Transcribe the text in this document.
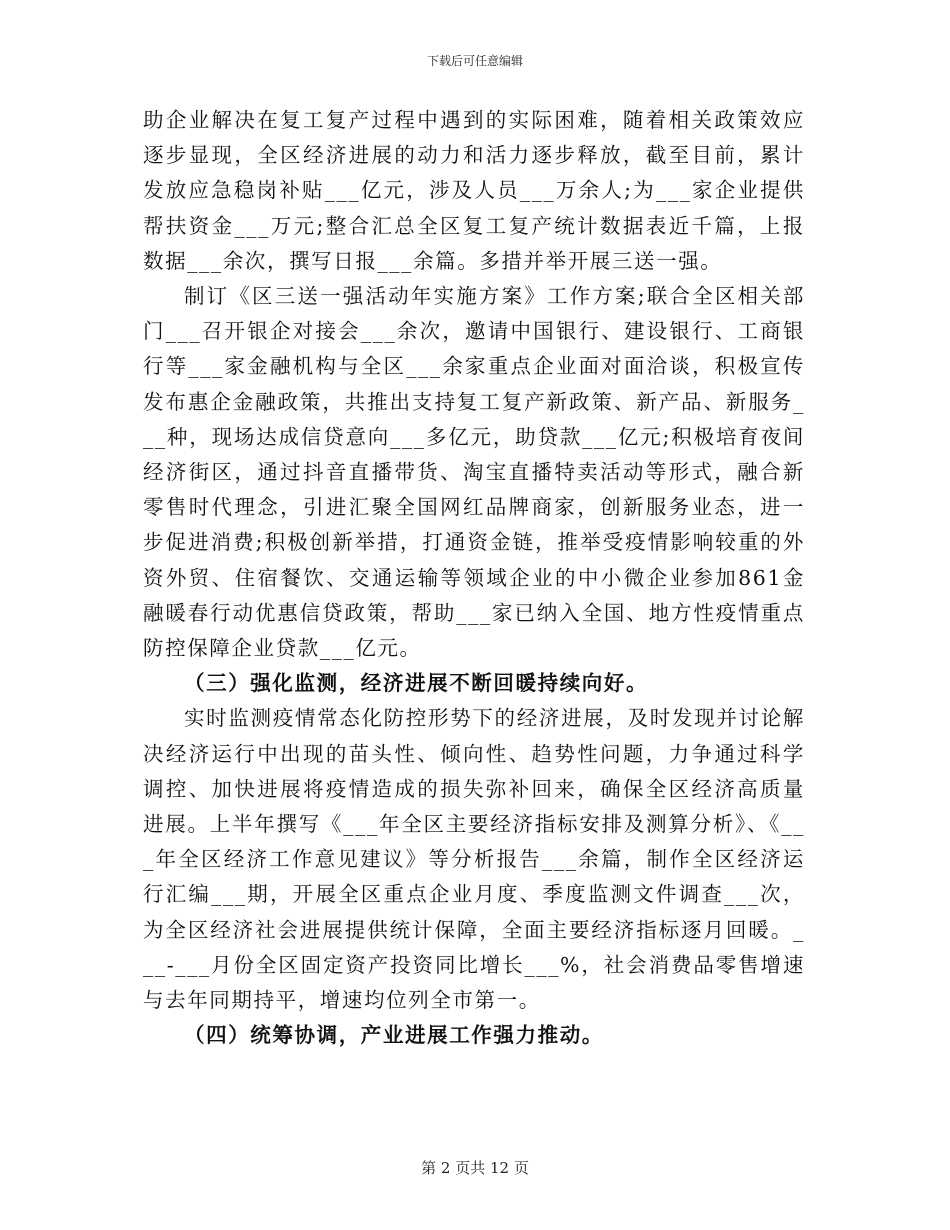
下载后可任意编辑

助企业解决在复工复产过程中遇到的实际困难，随着相关政策效应逐步显现，全区经济进展的动力和活力逐步释放，截至目前，累计发放应急稳岗补贴___亿元，涉及人员___万余人;为___家企业提供帮扶资金___万元;整合汇总全区复工复产统计数据表近千篇，上报数据___余次，撰写日报___余篇。多措并举开展三送一强。

制订《区三送一强活动年实施方案》工作方案;联合全区相关部门___召开银企对接会___余次，邀请中国银行、建设银行、工商银行等___家金融机构与全区___余家重点企业面对面洽谈，积极宣传发布惠企金融政策，共推出支持复工复产新政策、新产品、新服务___种，现场达成信贷意向___多亿元，助贷款___亿元;积极培育夜间经济街区，通过抖音直播带货、淘宝直播特卖活动等形式，融合新零售时代理念，引进汇聚全国网红品牌商家，创新服务业态，进一步促进消费;积极创新举措，打通资金链，推举受疫情影响较重的外资外贸、住宿餐饮、交通运输等领域企业的中小微企业参加861金融暖春行动优惠信贷政策，帮助___家已纳入全国、地方性疫情重点防控保障企业贷款___亿元。

（三）强化监测，经济进展不断回暖持续向好。

实时监测疫情常态化防控形势下的经济进展，及时发现并讨论解决经济运行中出现的苗头性、倾向性、趋势性问题，力争通过科学调控、加快进展将疫情造成的损失弥补回来，确保全区经济高质量进展。上半年撰写《___年全区主要经济指标安排及测算分析》、《___年全区经济工作意见建议》等分析报告___余篇，制作全区经济运行汇编___期，开展全区重点企业月度、季度监测文件调查___次，为全区经济社会进展提供统计保障，全面主要经济指标逐月回暖。___-___月份全区固定资产投资同比增长___%，社会消费品零售增速与去年同期持平，增速均位列全市第一。

（四）统筹协调，产业进展工作强力推动。

第 2 页共 12 页
